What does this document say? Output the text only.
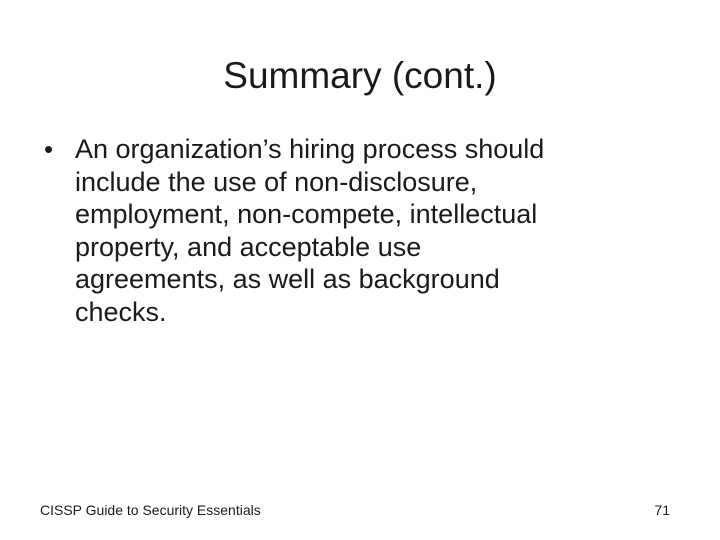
Summary (cont.)
• An organization’s hiring process should
include the use of non-disclosure,
employment, non-compete, intellectual
property, and acceptable use
agreements, as well as background
checks.
CISSP Guide to Security Essentials	71
